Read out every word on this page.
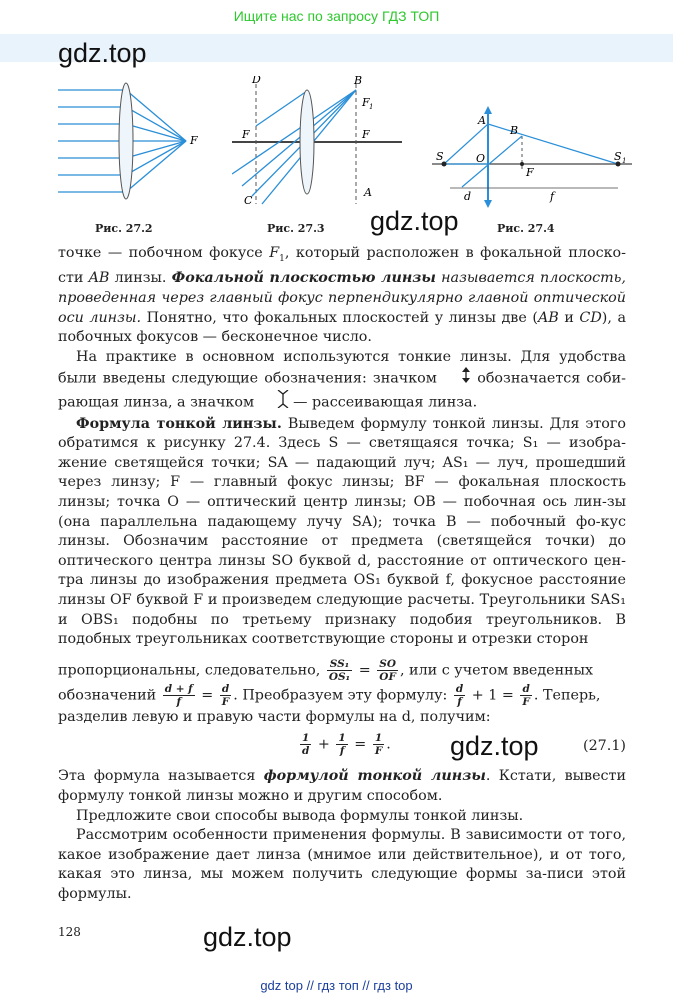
Ищите нас по запросу ГДЗ ТОП
gdz.top
gdz.top
gdz.top
gdz.top
F
Рис. 27.2
D	B
F 1
F	F
C
A
Рис. 27.3
S	S 1
O
A
B
F
d	f
Рис. 27.4

точке — побочном фокусе $F_1$, который расположен в фокальной плоско-сти AB линзы. Фокальной плоскостью линзы называется плоскость, проведенная через главный фокус перпендикулярно главной оптической оси линзы. Понятно, что фокальных плоскостей у линзы две (AB и CD), а побочных фокусов — бесконечное число.

На практике в основном используются тонкие линзы. Для удобства были введены следующие обозначения: значком  обозначается соби-рающая линза, а значком  — рассеивающая линза.

Формула тонкой линзы. Выведем формулу тонкой линзы. Для этого обратимся к рисунку 27.4. Здесь S — светящаяся точка; S₁ — изобра-жение светящейся точки; SA — падающий луч; AS₁ — луч, прошедший через линзу; F — главный фокус линзы; BF — фокальная плоскость линзы; точка O — оптический центр линзы; OB — побочная ось лин-зы (она параллельна падающему лучу SA); точка B — побочный фо-кус линзы. Обозначим расстояние от предмета (светящейся точки) до оптического центра линзы SO буквой d, расстояние от оптического цен-тра линзы до изображения предмета OS₁ буквой f, фокусное расстояние линзы OF буквой F и произведем следующие расчеты. Треугольники SAS₁ и OBS₁ подобны по третьему признаку подобия треугольников. В подобных треугольниках соответствующие стороны и отрезки сторон

пропорциональны, следовательно, $\frac{\text{SS₁}}{\text{OS₁}} = \frac{SO}{OF}$ , или с учетом введенных

обозначений $\frac{d + f}{f} = \frac{d}{F}$ . Преобразуем эту формулу: $\frac{d}{f} + 1 = \frac{d}{F}$ . Теперь,

разделив левую и правую части формулы на d, получим:

$\frac{1}{d} + \frac{1}{f} = \frac{1}{F}$ .	(27.1)

Эта формула называется формулой тонкой линзы. Кстати, вывести формулу тонкой линзы можно и другим способом.

Предложите свои способы вывода формулы тонкой линзы.

Рассмотрим особенности применения формулы. В зависимости от того, какое изображение дает линза (мнимое или действительное), и от того, какая это линза, мы можем получить следующие формы за-писи этой формулы.

128
gdz top // гдз топ // гдз top
